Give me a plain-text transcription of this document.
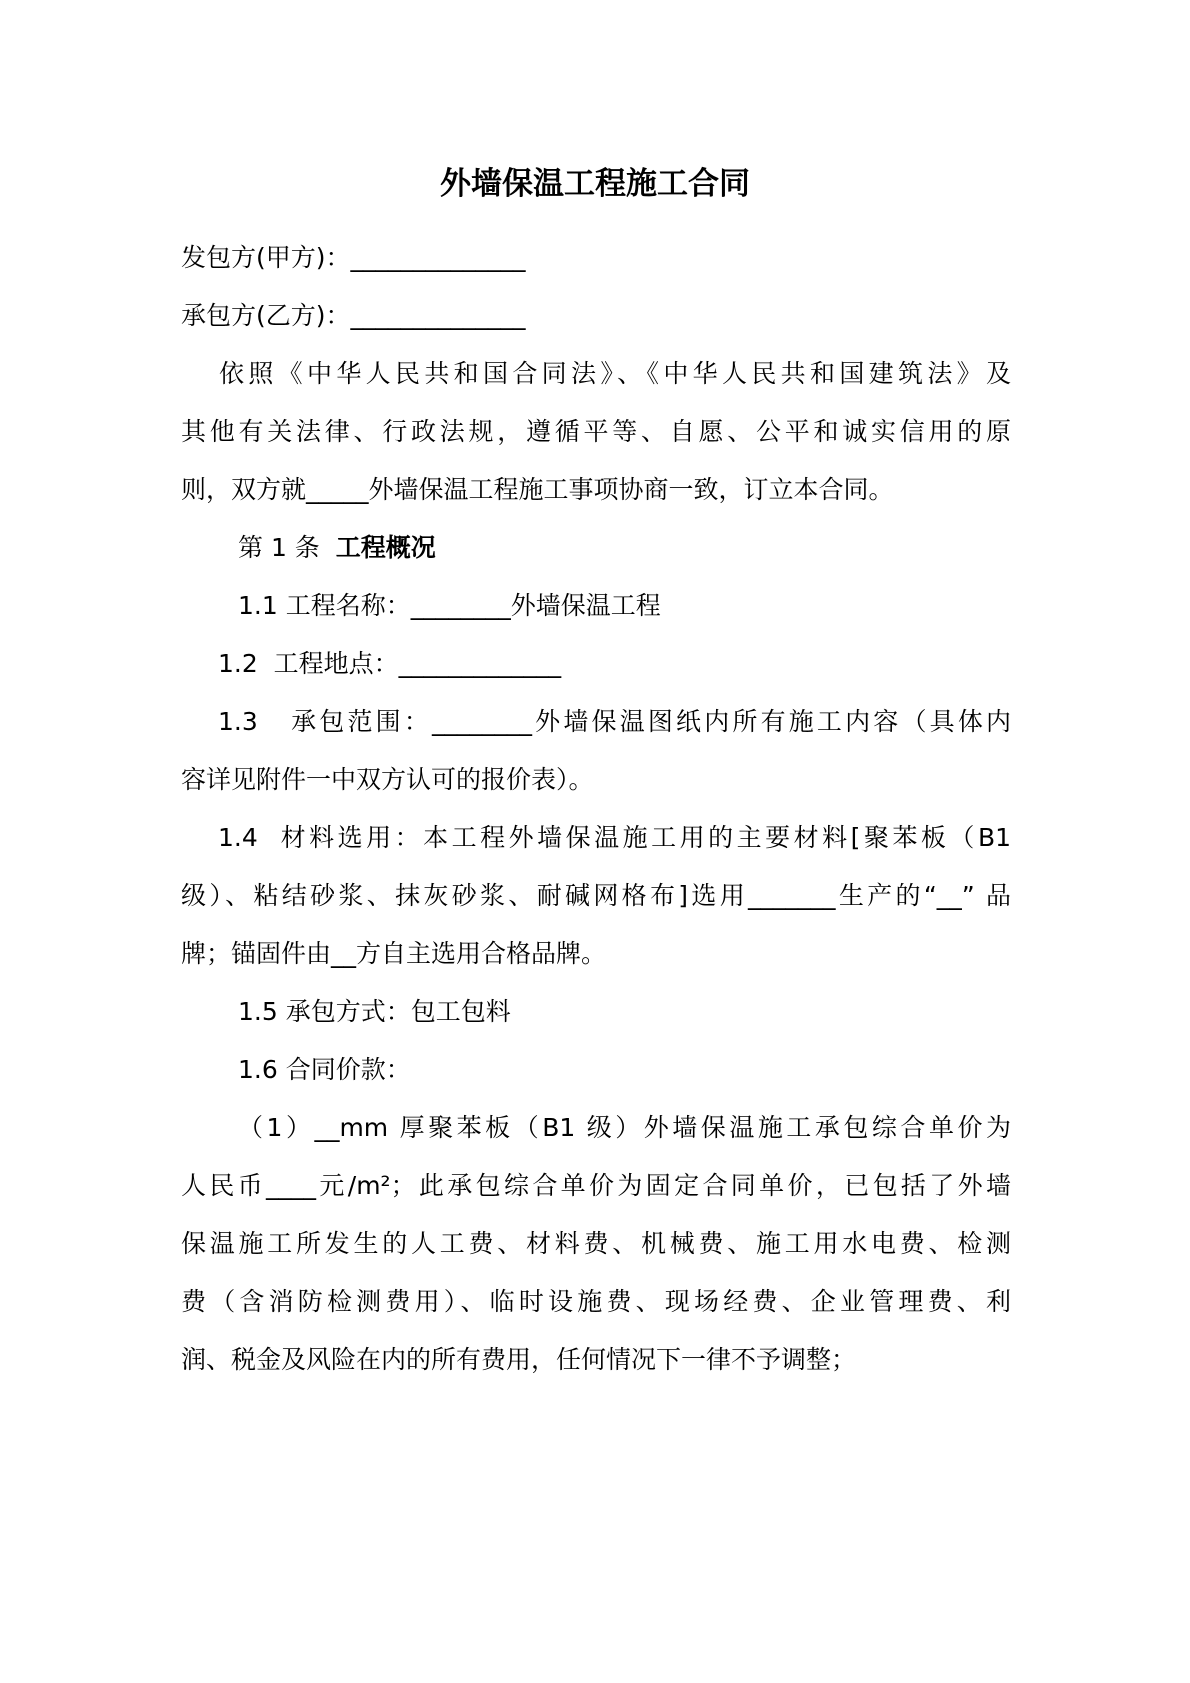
外墙保温工程施工合同
发包方(甲方)：______________
承包方(乙方)：______________
依照《中华人民共和国合同法》、《中华人民共和国建筑法》及
其他有关法律、行政法规，遵循平等、自愿、公平和诚实信用的原
则，双方就_____外墙保温工程施工事项协商一致，订立本合同。
第 1 条  工程概况
1.1 工程名称：________外墙保温工程
1.2  工程地点：_____________
1.3   承包范围：________外墙保温图纸内所有施工内容（具体内
容详见附件一中双方认可的报价表）。
1.4  材料选用：本工程外墙保温施工用的主要材料[聚苯板（B1
级）、粘结砂浆、抹灰砂浆、耐碱网格布]选用_______生产的“__” 品
牌；锚固件由__方自主选用合格品牌。
1.5 承包方式：包工包料
1.6 合同价款：
（1）__mm 厚聚苯板（B1 级）外墙保温施工承包综合单价为
人民币____元/m²；此承包综合单价为固定合同单价，已包括了外墙
保温施工所发生的人工费、材料费、机械费、施工用水电费、检测
费（含消防检测费用）、临时设施费、现场经费、企业管理费、利
润、税金及风险在内的所有费用，任何情况下一律不予调整；
